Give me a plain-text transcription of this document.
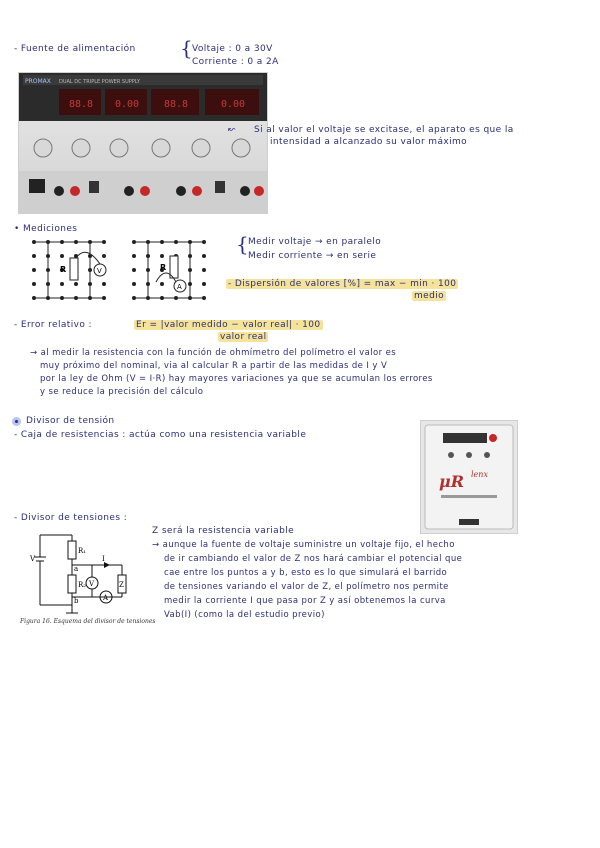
- Fuente de alimentación { Voltaje : 0 a 30V
Corriente : 0 a 2A
PROMAX DUAL DC TRIPLE POWER SUPPLY
88.8 0.00 88.8	0.00
↜ Si al valor el voltaje se excitase, el aparato es que la
intensidad a alcanzado su valor máximo
• Mediciones
R	V	R
A
{ Medir voltaje → en paralelo
Medir corriente → en serie
- Dispersión de valores [%] = max − min · 100
medio
- Error relativo :	Er = |valor medido − valor real| · 100
valor real
→ al medir la resistencia con la función de ohmímetro del polímetro el valor es
muy próximo del nominal, via al calcular R a partir de las medidas de I y V
por la ley de Ohm (V = I·R) hay mayores variaciones ya que se acumulan los errores
y se reduce la precisión del cálculo
Divisor de tensión
- Caja de resistencias : actúa como una resistencia variable
μR lenx
- Divisor de tensiones :
V
R₁
R₂
a
b
I
V
A
Z
Figura 16. Esquema del divisor de tensiones
Z será la resistencia variable
→ aunque la fuente de voltaje suministre un voltaje fijo, el hecho
de ir cambiando el valor de Z nos hará cambiar el potencial que
cae entre los puntos a y b, esto es lo que simulará el barrido
de tensiones variando el valor de Z, el polímetro nos permite
medir la corriente I que pasa por Z y así obtenemos la curva
Vab(I) (como la del estudio previo)
